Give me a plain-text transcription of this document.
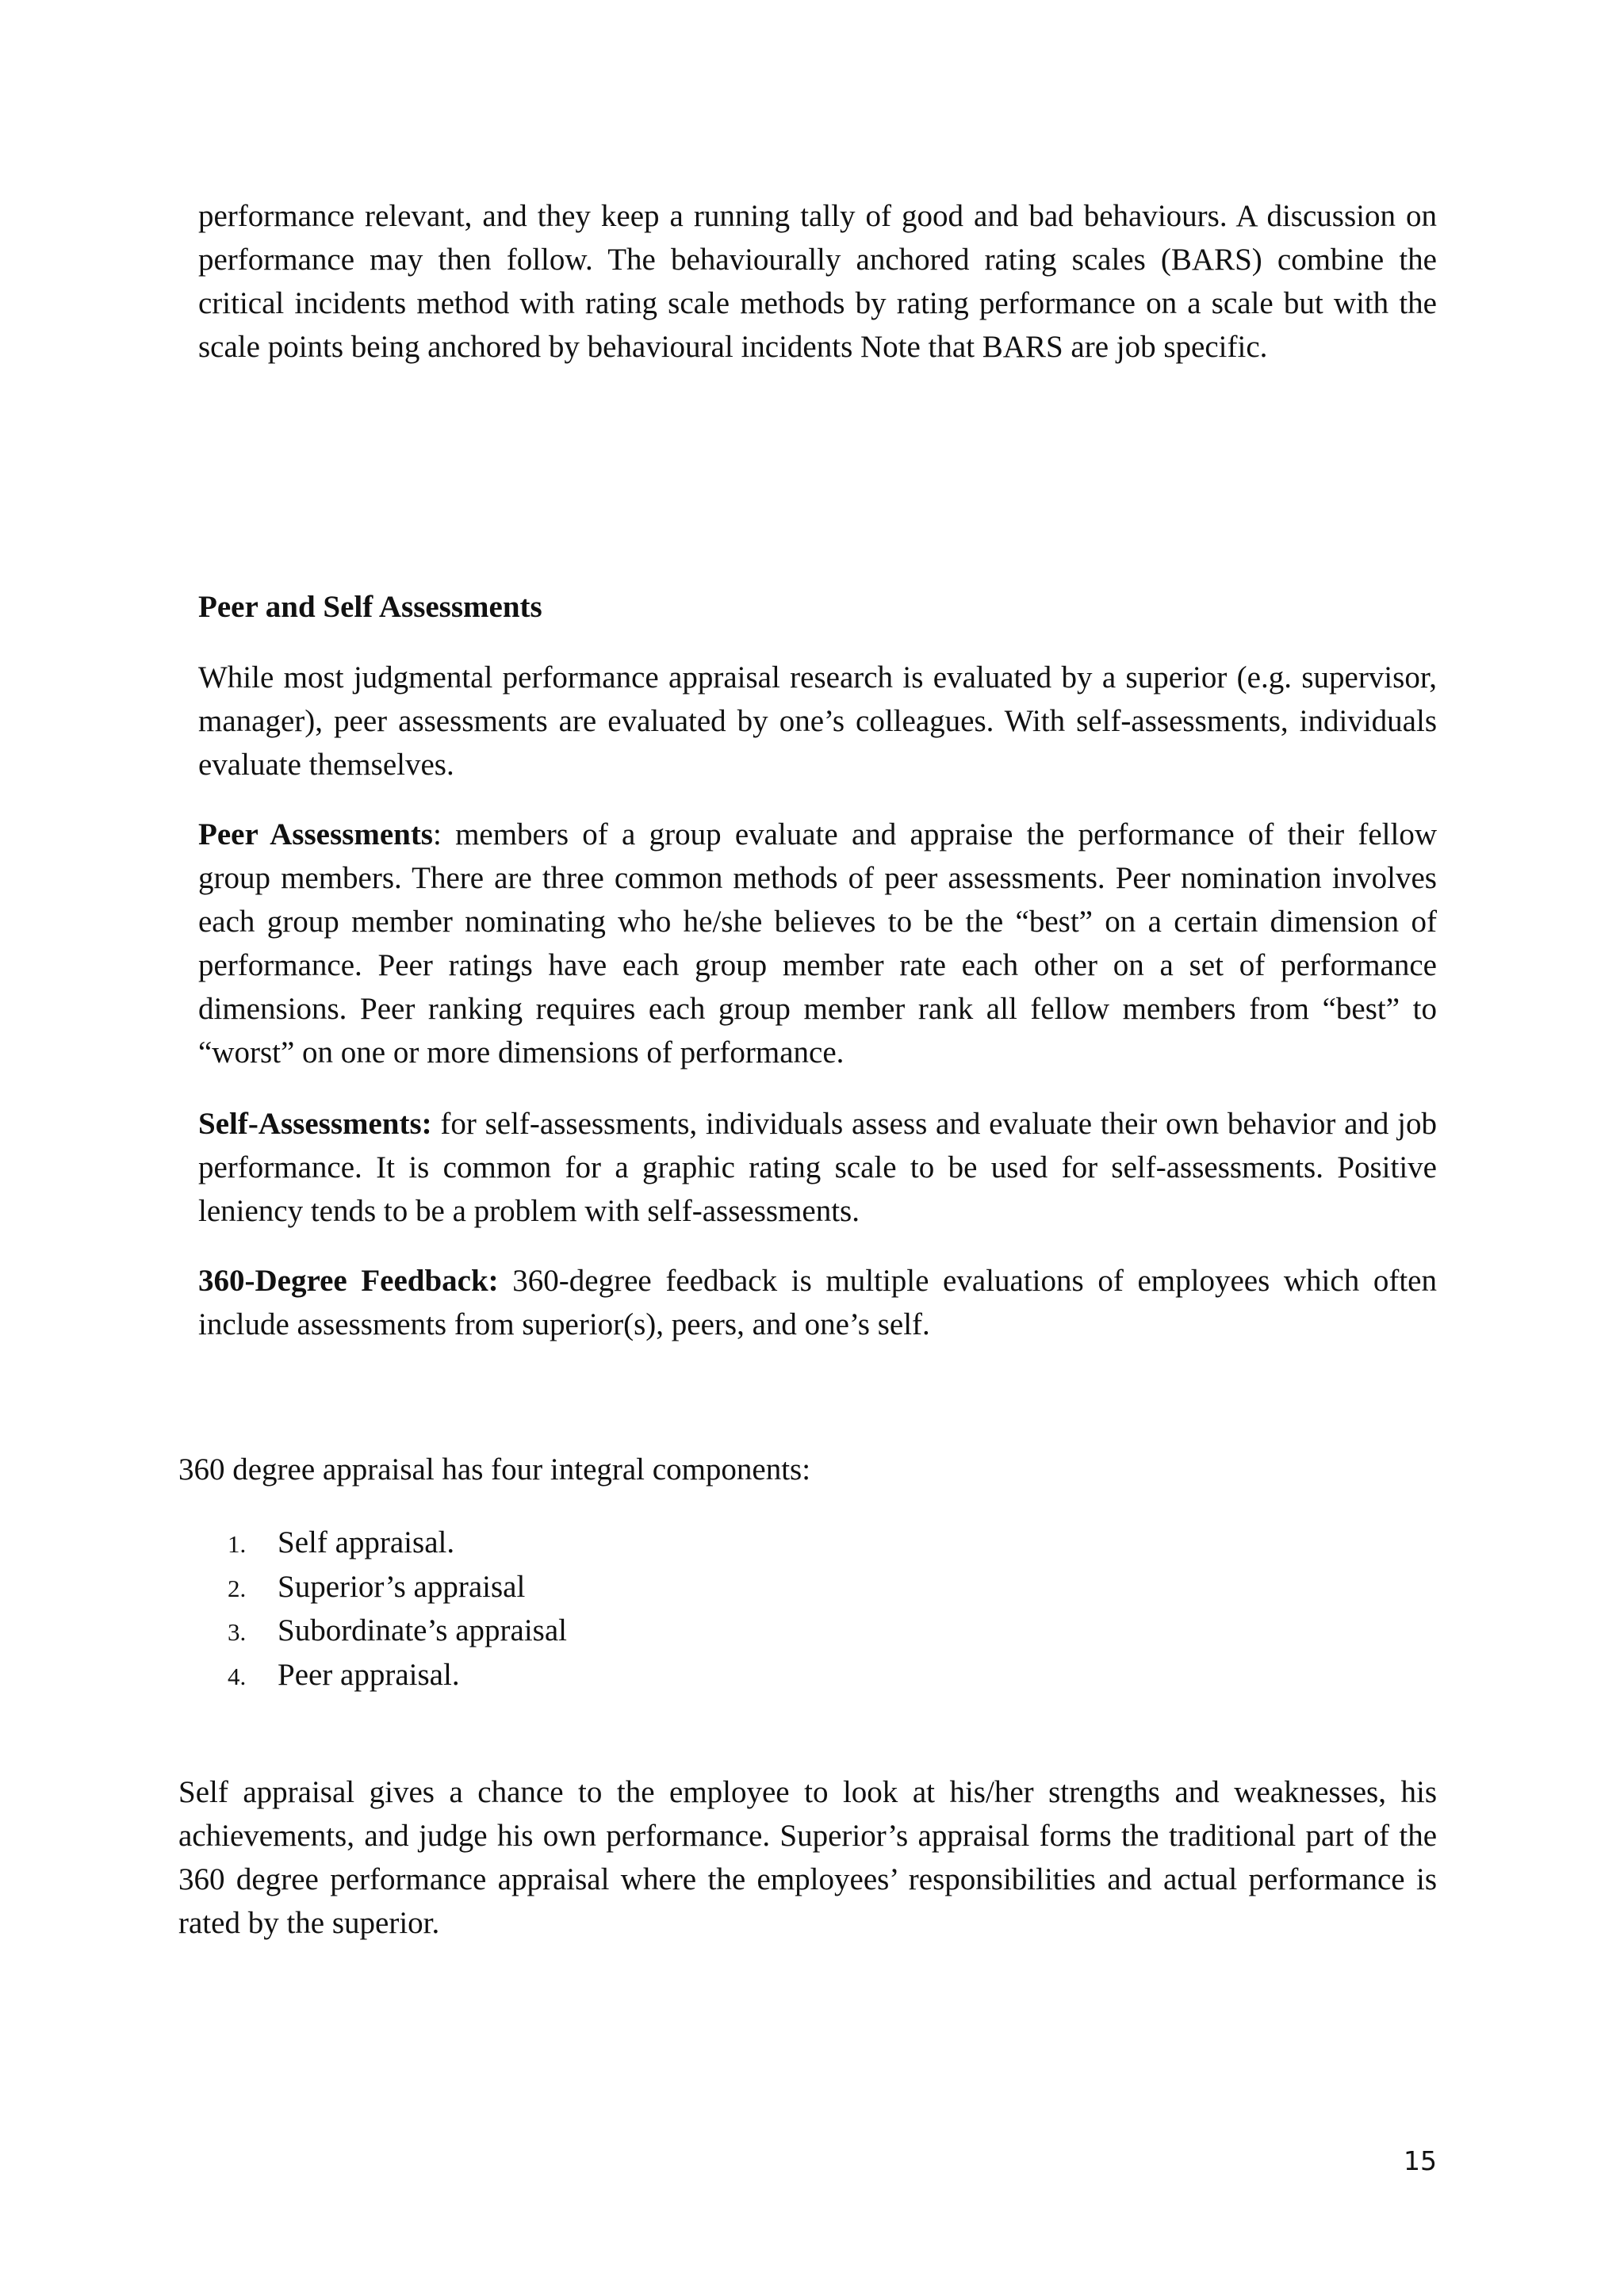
performance relevant, and they keep a running tally of good and bad behaviours. A discussion on performance may then follow. The behaviourally anchored rating scales (BARS) combine the critical incidents method with rating scale methods by rating performance on a scale but with the scale points being anchored by behavioural incidents Note that BARS are job specific.

Peer and Self Assessments

While most judgmental performance appraisal research is evaluated by a superior (e.g. supervisor, manager), peer assessments are evaluated by one’s colleagues. With self-assessments, individuals evaluate themselves.

Peer Assessments: members of a group evaluate and appraise the performance of their fellow group members. There are three common methods of peer assessments. Peer nomination involves each group member nominating who he/she believes to be the “best” on a certain dimension of performance. Peer ratings have each group member rate each other on a set of performance dimensions. Peer ranking requires each group member rank all fellow members from “best” to “worst” on one or more dimensions of performance.

Self-Assessments: for self-assessments, individuals assess and evaluate their own behavior and job performance. It is common for a graphic rating scale to be used for self-assessments. Positive leniency tends to be a problem with self-assessments.

360-Degree Feedback: 360-degree feedback is multiple evaluations of employees which often include assessments from superior(s), peers, and one’s self.

360 degree appraisal has four integral components:

1. Self appraisal.
2. Superior’s appraisal
3. Subordinate’s appraisal
4. Peer appraisal.

Self appraisal gives a chance to the employee to look at his/her strengths and weaknesses, his achievements, and judge his own performance. Superior’s appraisal forms the traditional part of the 360 degree performance appraisal where the employees’ responsibilities and actual performance is rated by the superior.

15
